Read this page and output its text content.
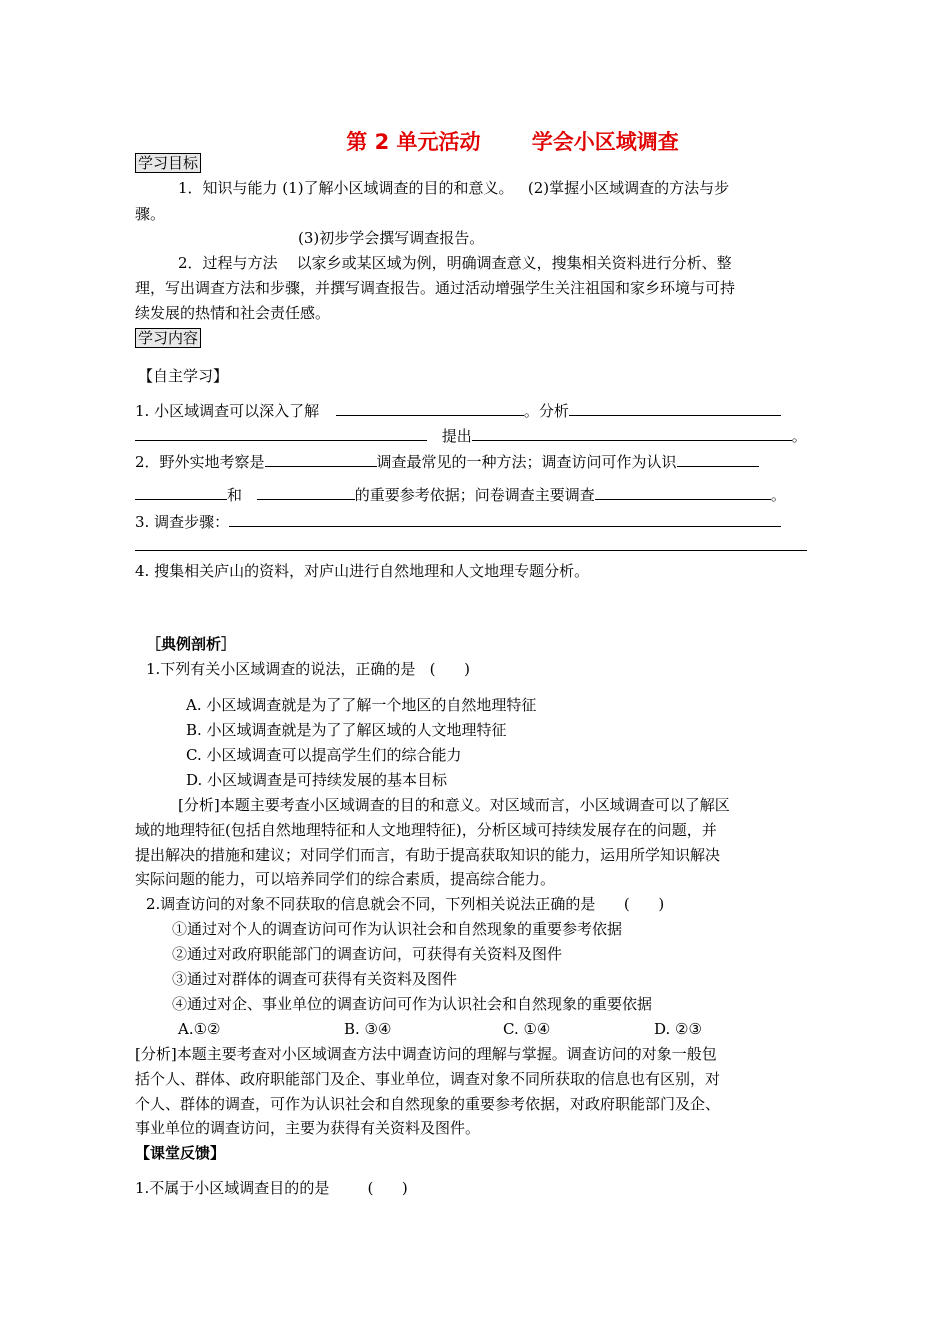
第 2 单元活动       学会小区域调查
学习目标
1．知识与能力 (1)了解小区域调查的目的和意义。   (2)掌握小区域调查的方法与步
骤。
(3)初步学会撰写调查报告。
2．过程与方法    以家乡或某区域为例，明确调查意义，搜集相关资料进行分析、整
理，写出调查方法和步骤，并撰写调查报告。通过活动增强学生关注祖国和家乡环境与可持
续发展的热情和社会责任感。
学习内容
【自主学习】
1. 小区域调查可以深入了解	。分析
提出	。
2．野外实地考察是	调查最常见的一种方法；调查访问可作为认识
和	的重要参考依据；问卷调查主要调查	。
3. 调查步骤：
4. 搜集相关庐山的资料，对庐山进行自然地理和人文地理专题分析。
［典例剖析］
1.下列有关小区域调查的说法，正确的是   (      )
A. 小区域调查就是为了了解一个地区的自然地理特征
B. 小区域调查就是为了了解区域的人文地理特征
C. 小区域调查可以提高学生们的综合能力
D. 小区域调查是可持续发展的基本目标
[分析]本题主要考查小区域调查的目的和意义。对区域而言，小区域调查可以了解区
域的地理特征(包括自然地理特征和人文地理特征)，分析区域可持续发展存在的问题，并
提出解决的措施和建议；对同学们而言，有助于提高获取知识的能力，运用所学知识解决
实际问题的能力，可以培养同学们的综合素质，提高综合能力。
2.调查访问的对象不同获取的信息就会不同，下列相关说法正确的是      (      )
①通过对个人的调查访问可作为认识社会和自然现象的重要参考依据
②通过对政府职能部门的调查访问，可获得有关资料及图件
③通过对群体的调查可获得有关资料及图件
④通过对企、事业单位的调查访问可作为认识社会和自然现象的重要依据
A.①②	B. ③④	C. ①④	D. ②③
[分析]本题主要考查对小区域调查方法中调查访问的理解与掌握。调查访问的对象一般包
括个人、群体、政府职能部门及企、事业单位，调查对象不同所获取的信息也有区别，对
个人、群体的调查，可作为认识社会和自然现象的重要参考依据，对政府职能部门及企、
事业单位的调查访问，主要为获得有关资料及图件。
【课堂反馈】
1.不属于小区域调查目的的是        (      )
